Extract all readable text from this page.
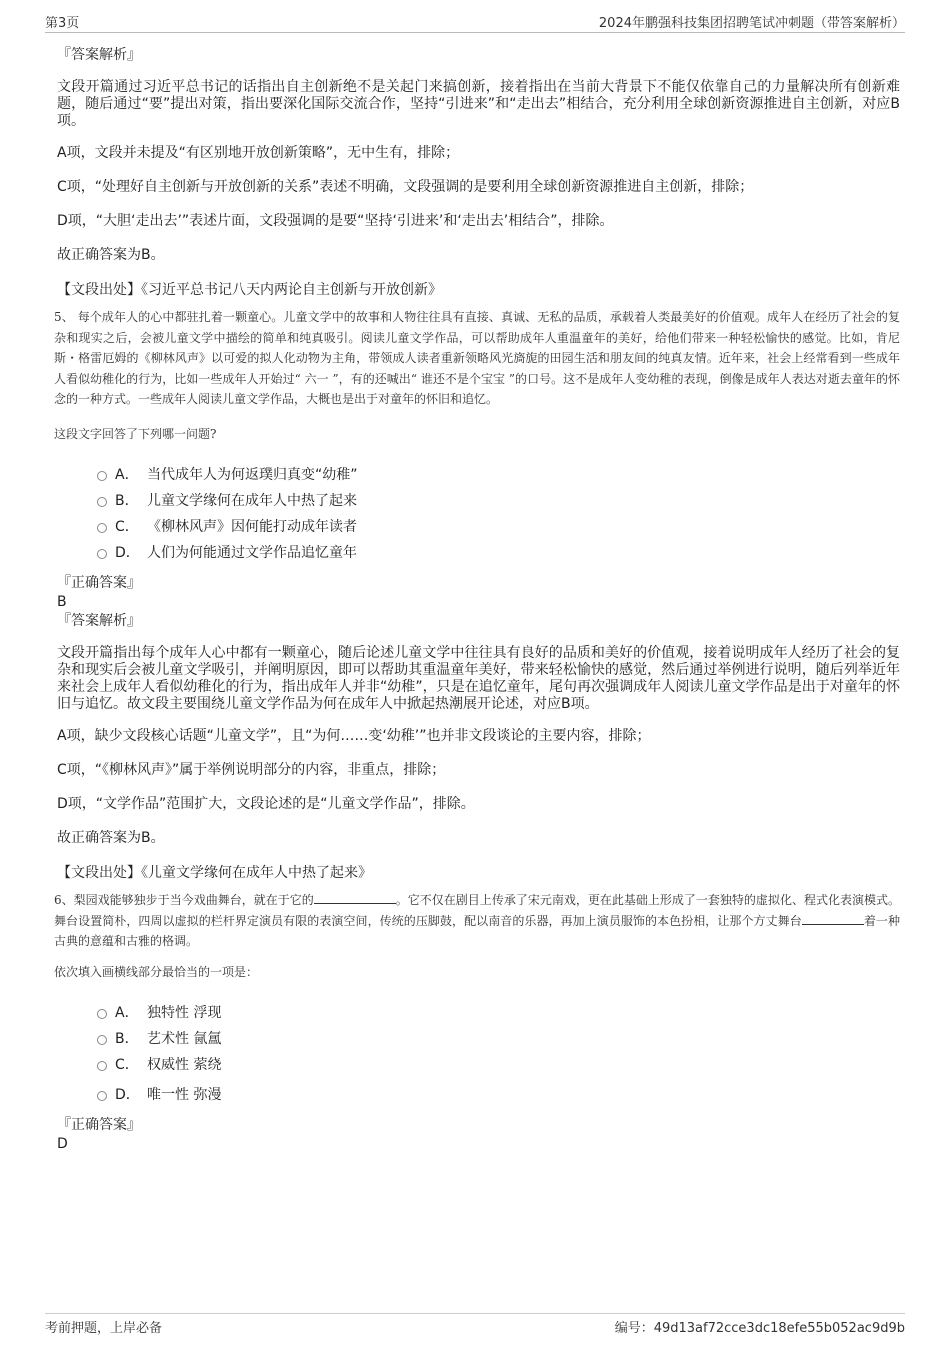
第3页	2024年鹏强科技集团招聘笔试冲刺题（带答案解析）
『答案解析』

文段开篇通过习近平总书记的话指出自主创新绝不是关起门来搞创新，接着指出在当前大背景下不能仅依靠自己的力量解决所有创新难题，随后通过“要”提出对策，指出要深化国际交流合作，坚持“引进来”和“走出去”相结合，充分利用全球创新资源推进自主创新，对应B项。

A项，文段并未提及“有区别地开放创新策略”，无中生有，排除；

C项，“处理好自主创新与开放创新的关系”表述不明确，文段强调的是要利用全球创新资源推进自主创新，排除；

D项，“大胆‘走出去’”表述片面，文段强调的是要“坚持‘引进来’和‘走出去’相结合”，排除。

故正确答案为B。

【文段出处】《习近平总书记八天内两论自主创新与开放创新》

5、 每个成年人的心中都驻扎着一颗童心。儿童文学中的故事和人物往往具有直接、真诚、无私的品质，承载着人类最美好的价值观。成年人在经历了社会的复杂和现实之后，会被儿童文学中描绘的简单和纯真吸引。阅读儿童文学作品，可以帮助成年人重温童年的美好，给他们带来一种轻松愉快的感觉。比如，肯尼斯・格雷厄姆的《柳林风声》以可爱的拟人化动物为主角，带领成人读者重新领略风光旖旎的田园生活和朋友间的纯真友情。近年来，社会上经常看到一些成年人看似幼稚化的行为，比如一些成年人开始过“ 六一 ”，有的还喊出“ 谁还不是个宝宝 ”的口号。这不是成年人变幼稚的表现，倒像是成年人表达对逝去童年的怀念的一种方式。一些成年人阅读儿童文学作品，大概也是出于对童年的怀旧和追忆。

这段文字回答了下列哪一问题?

A． 当代成年人为何返璞归真变“幼稚”
B． 儿童文学缘何在成年人中热了起来
C． 《柳林风声》因何能打动成年读者
D． 人们为何能通过文学作品追忆童年
『正确答案』
B
『答案解析』

文段开篇指出每个成年人心中都有一颗童心，随后论述儿童文学中往往具有良好的品质和美好的价值观，接着说明成年人经历了社会的复杂和现实后会被儿童文学吸引，并阐明原因，即可以帮助其重温童年美好，带来轻松愉快的感觉，然后通过举例进行说明，随后列举近年来社会上成年人看似幼稚化的行为，指出成年人并非“幼稚”，只是在追忆童年，尾句再次强调成年人阅读儿童文学作品是出于对童年的怀旧与追忆。故文段主要围绕儿童文学作品为何在成年人中掀起热潮展开论述，对应B项。

A项，缺少文段核心话题“儿童文学”，且“为何……变‘幼稚’”也并非文段谈论的主要内容，排除；

C项，“《柳林风声》”属于举例说明部分的内容，非重点，排除；

D项，“文学作品”范围扩大，文段论述的是“儿童文学作品”，排除。

故正确答案为B。

【文段出处】《儿童文学缘何在成年人中热了起来》

6、梨园戏能够独步于当今戏曲舞台，就在于它的	。它不仅在剧目上传承了宋元南戏，更在此基础上形成了一套独特的虚拟化、程式化表演模式。舞台设置简朴，四周以虚拟的栏杆界定演员有限的表演空间，传统的压脚鼓，配以南音的乐器，再加上演员服饰的本色扮相，让那个方丈舞台	着一种古典的意蕴和古雅的格调。

依次填入画横线部分最恰当的一项是：

A． 独特性 浮现
B． 艺术性 氤氲
C． 权威性 萦绕
D． 唯一性 弥漫
『正确答案』
D
考前押题，上岸必备	编号：49d13af72cce3dc18efe55b052ac9d9b
